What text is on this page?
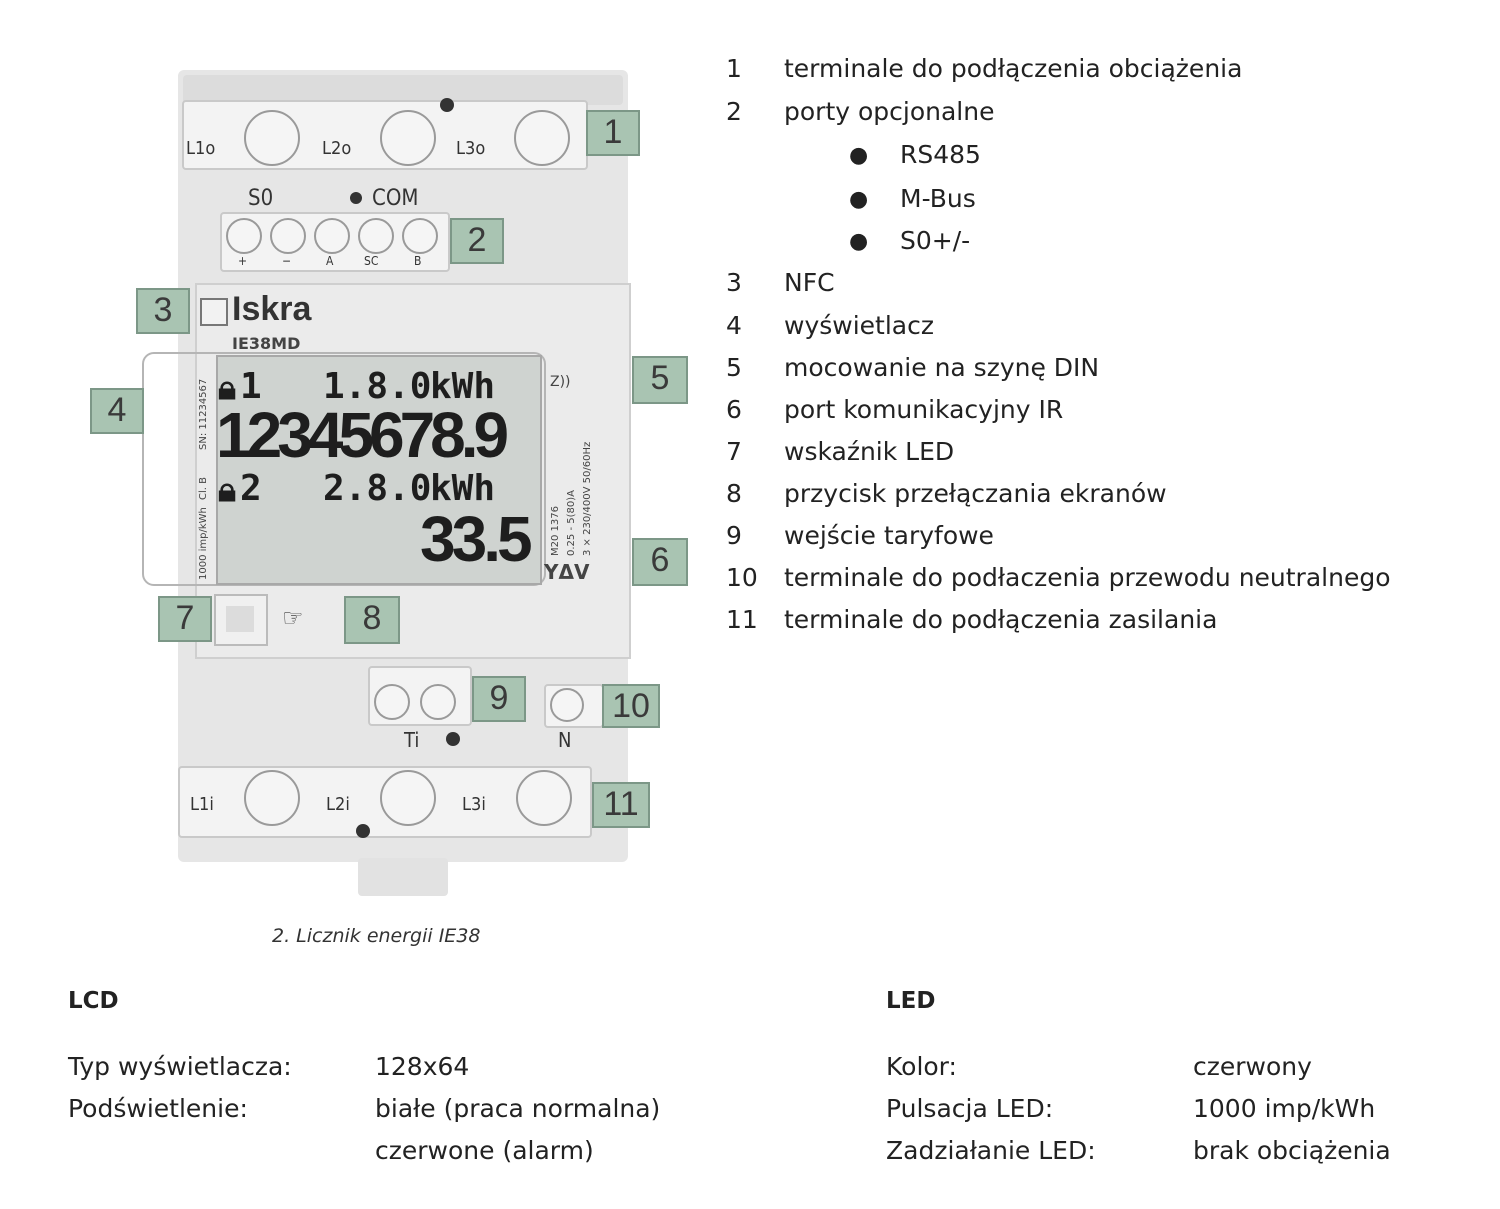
L1o	L2o	L3o
S0	COM
+	−	A	SC	B
Iskra
IE38MD
🔒︎ 1 1.8.0
kWh
12345678.9
🔒︎ 2 2.8.0
kWh
33.5
1000 imp/kWh
Cl. B
SN: 11234567	Z))
M20 1376 0.25 - 5(80)A 3 × 230/400V 50/60Hz
YΔV
☞
Ti	N
L1i	L2i	L3i
1
2
3
4
5
6
7	8
9	10
11
2. Licznik energii IE38
1 terminale do podłączenia obciążenia
2 porty opcjonalne
● RS485
● M-Bus
● S0+/-
3 NFC
4 wyświetlacz
5 mocowanie na szynę DIN
6 port komunikacyjny IR
7 wskaźnik LED
8 przycisk przełączania ekranów
9 wejście taryfowe
10 terminale do podłaczenia przewodu neutralnego
11 terminale do podłączenia zasilania
LCD
Typ wyświetlacza:	128x64
Podświetlenie:	białe (praca normalna)
czerwone (alarm)
LED
Kolor:	czerwony
Pulsacja LED:	1000 imp/kWh
Zadziałanie LED:	brak obciążenia
